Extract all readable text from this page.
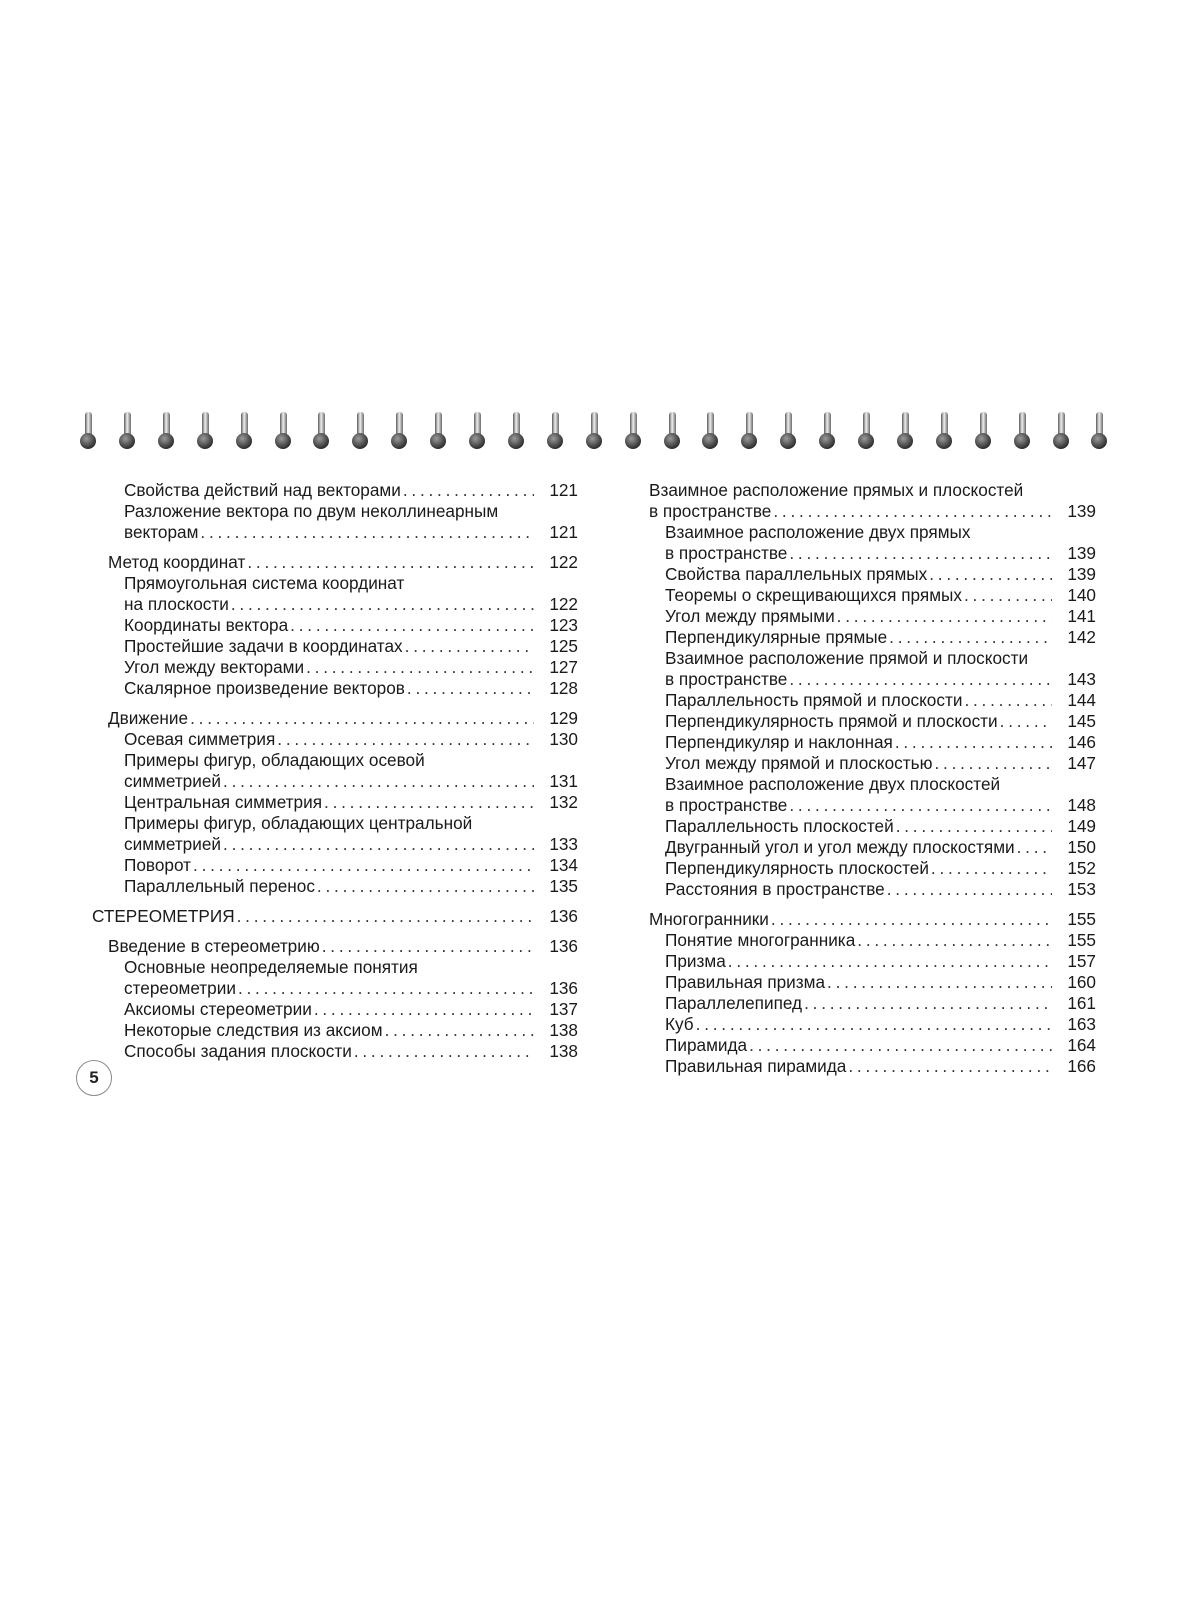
Свойства действий над векторами . . .	121
Разложение вектора по двум неколлинеарным
векторам . . .	121
Метод координат . . .	122
Прямоугольная система координат
на плоскости . . .	122
Координаты вектора . . .	123
Простейшие задачи в координатах . . .	125
Угол между векторами . . .	127
Скалярное произведение векторов . . .	128
Движение . . .	129
Осевая симметрия . . .	130
Примеры фигур, обладающих осевой
симметрией . . .	131
Центральная симметрия . . .	132
Примеры фигур, обладающих центральной
симметрией . . .	133
Поворот . . .	134
Параллельный перенос . . .	135
СТЕРЕОМЕТРИЯ . . .	136
Введение в стереометрию . . .	136
Основные неопределяемые понятия
стереометрии . . .	136
Аксиомы стереометрии . . .	137
Некоторые следствия из аксиом . . .	138
Способы задания плоскости . . .	138
Взаимное расположение прямых и плоскостей
в пространстве . . .	139
Взаимное расположение двух прямых
в пространстве . . .	139
Свойства параллельных прямых . . .	139
Теоремы о скрещивающихся прямых . . .	140
Угол между прямыми . . .	141
Перпендикулярные прямые . . .	142
Взаимное расположение прямой и плоскости
в пространстве . . .	143
Параллельность прямой и плоскости . . .	144
Перпендикулярность прямой и плоскости . . .	145
Перпендикуляр и наклонная . . .	146
Угол между прямой и плоскостью . . .	147
Взаимное расположение двух плоскостей
в пространстве . . .	148
Параллельность плоскостей . . .	149
Двугранный угол и угол между плоскостями . . .	150
Перпендикулярность плоскостей . . .	152
Расстояния в пространстве . . .	153
Многогранники . . .	155
Понятие многогранника . . .	155
Призма . . .	157
Правильная призма . . .	160
Параллелепипед . . .	161
Куб . . .	163
Пирамида . . .	164
Правильная пирамида . . .	166
5
